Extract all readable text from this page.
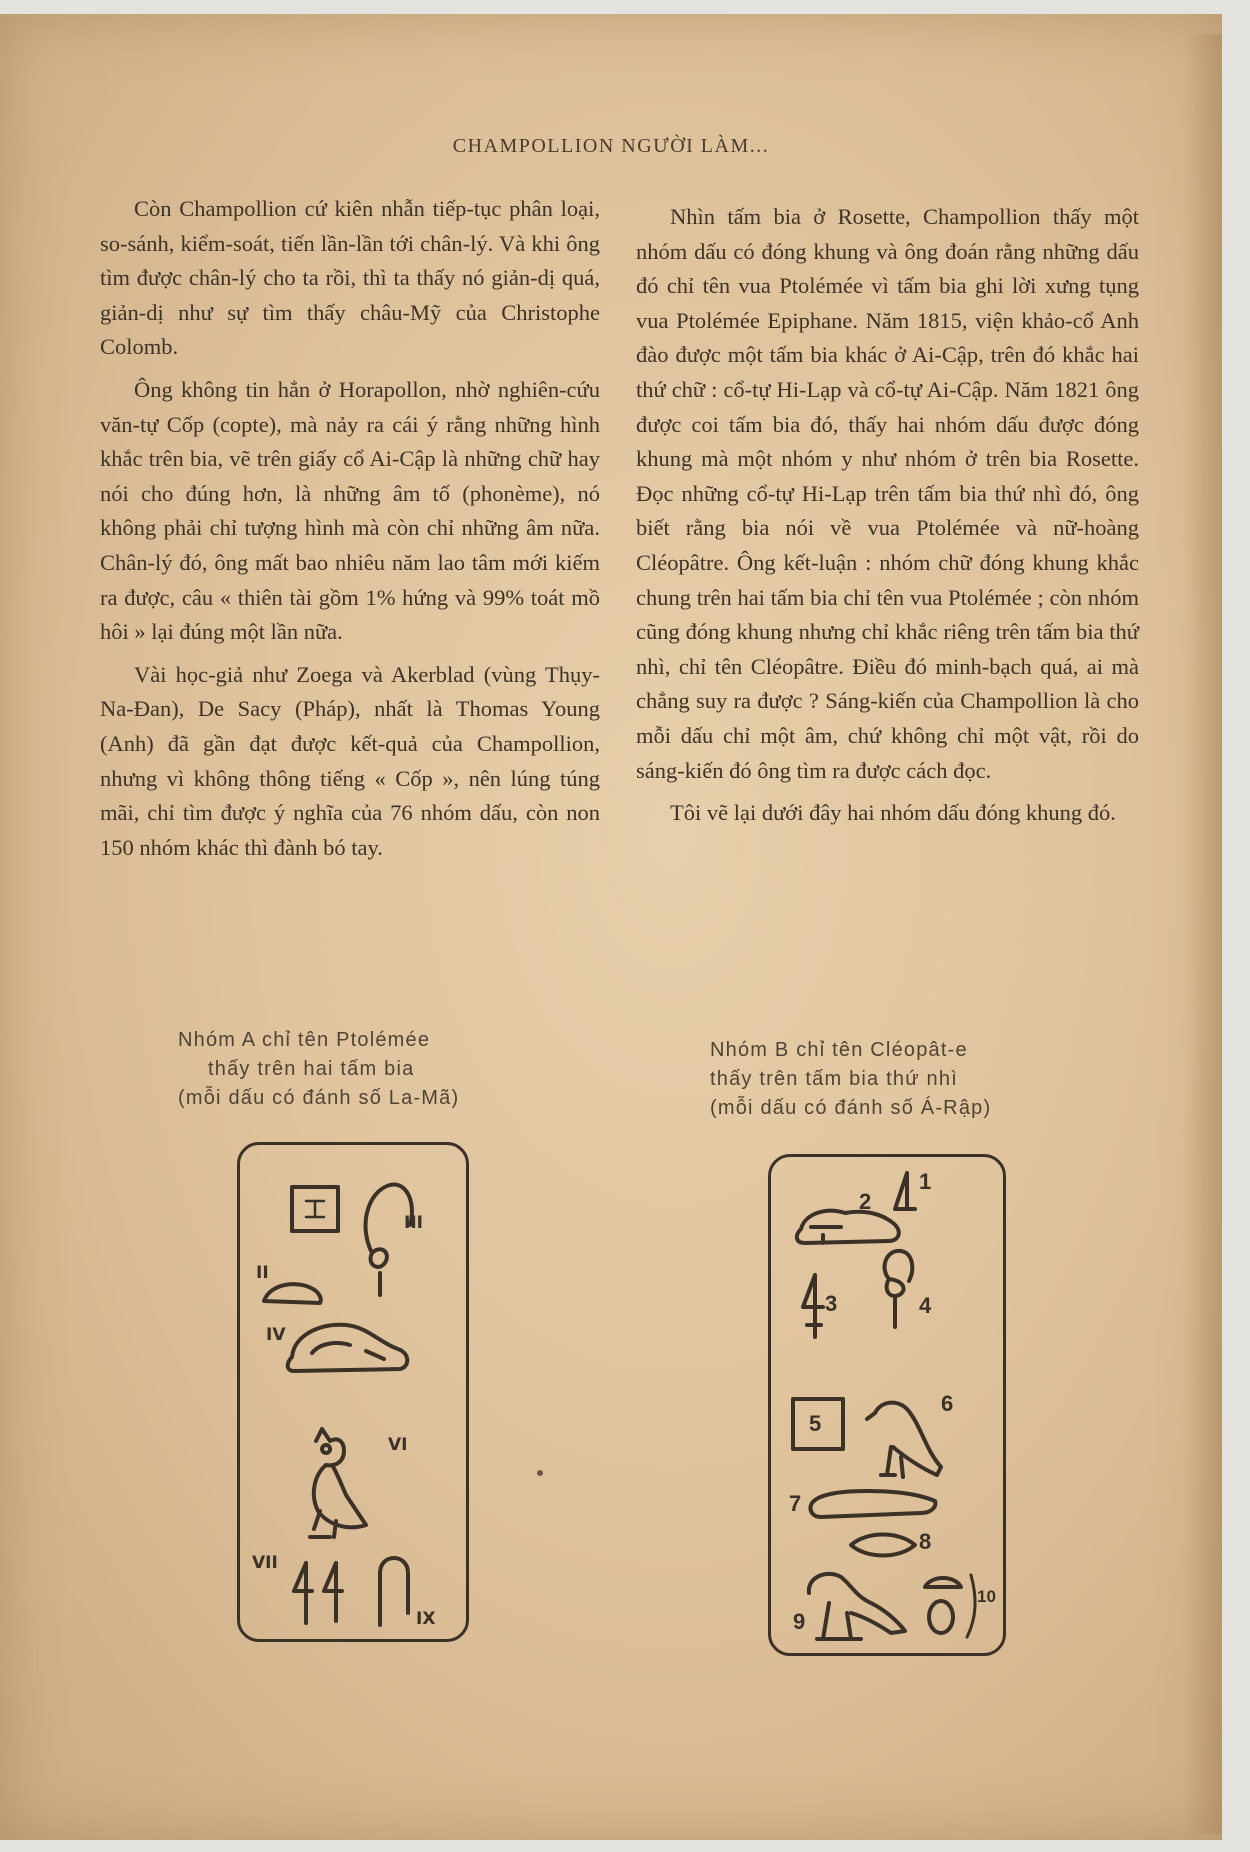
CHAMPOLLION NGƯỜI LÀM...

Còn Champollion cứ kiên nhẫn tiếp-tục phân loại, so-sánh, kiểm-soát, tiến lần-lần tới chân-lý. Và khi ông tìm được chân-lý cho ta rồi, thì ta thấy nó giản-dị quá, giản-dị như sự tìm thấy châu-Mỹ của Christophe Colomb.

Ông không tin hẳn ở Horapollon, nhờ nghiên-cứu văn-tự Cốp (copte), mà nảy ra cái ý rằng những hình khắc trên bia, vẽ trên giấy cổ Ai-Cập là những chữ hay nói cho đúng hơn, là những âm tố (phonème), nó không phải chỉ tượng hình mà còn chỉ những âm nữa. Chân-lý đó, ông mất bao nhiêu năm lao tâm mới kiếm ra được, câu « thiên tài gồm 1% hứng và 99% toát mồ hôi » lại đúng một lần nữa.

Vài học-giả như Zoega và Akerblad (vùng Thụy-Na-Đan), De Sacy (Pháp), nhất là Thomas Young (Anh) đã gần đạt được kết-quả của Champollion, nhưng vì không thông tiếng « Cốp », nên lúng túng mãi, chỉ tìm được ý nghĩa của 76 nhóm dấu, còn non 150 nhóm khác thì đành bó tay.

Nhìn tấm bia ở Rosette, Champollion thấy một nhóm dấu có đóng khung và ông đoán rằng những dấu đó chỉ tên vua Ptolémée vì tấm bia ghi lời xưng tụng vua Ptolémée Epiphane. Năm 1815, viện khảo-cổ Anh đào được một tấm bia khác ở Ai-Cập, trên đó khắc hai thứ chữ : cổ-tự Hi-Lạp và cổ-tự Ai-Cập. Năm 1821 ông được coi tấm bia đó, thấy hai nhóm dấu được đóng khung mà một nhóm y như nhóm ở trên bia Rosette. Đọc những cổ-tự Hi-Lạp trên tấm bia thứ nhì đó, ông biết rằng bia nói về vua Ptolémée và nữ-hoàng Cléopâtre. Ông kết-luận : nhóm chữ đóng khung khắc chung trên hai tấm bia chỉ tên vua Ptolémée ; còn nhóm cũng đóng khung nhưng chỉ khắc riêng trên tấm bia thứ nhì, chỉ tên Cléopâtre. Điều đó minh-bạch quá, ai mà chẳng suy ra được ? Sáng-kiến của Champollion là cho mỗi dấu chỉ một âm, chứ không chỉ một vật, rồi do sáng-kiến đó ông tìm ra được cách đọc.

Tôi vẽ lại dưới đây hai nhóm dấu đóng khung đó.

Nhóm A chỉ tên Ptolémée
thấy trên hai tấm bia
(mỗi dấu có đánh số La-Mã)
Nhóm B chỉ tên Cléopât-e
thấy trên tấm bia thứ nhì
(mỗi dấu có đánh số Á-Rập)
II
III
IV
VI
VII
IX
1
2
3	4
5
6
7
8
9
10
